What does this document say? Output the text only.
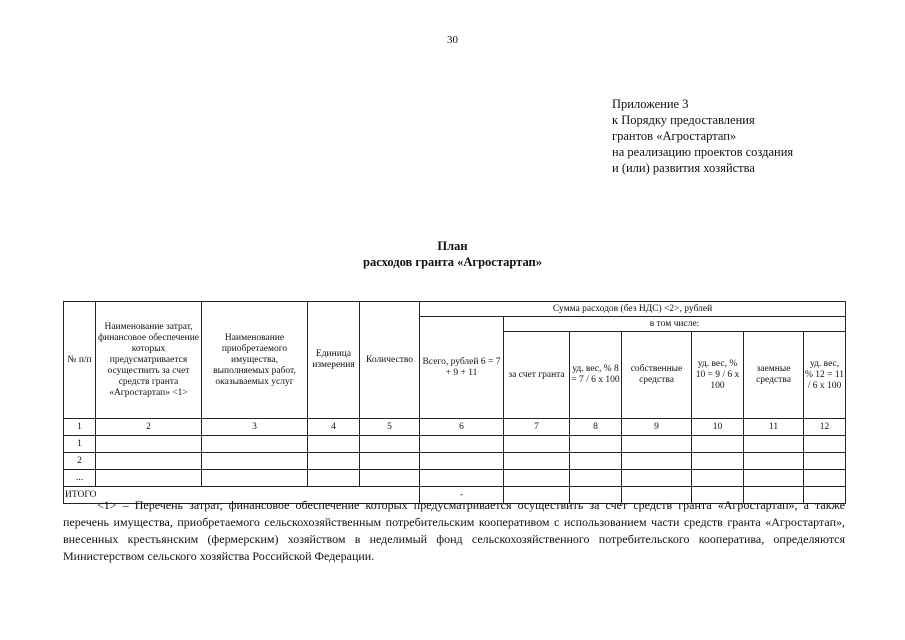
30
Приложение 3
к Порядку предоставления
грантов «Агростартап»
на реализацию проектов создания
и (или) развития хозяйства
План
расходов гранта «Агростартап»
№ п/п	Наименование затрат, финансовое обеспечение которых предусматривается осуществить за счет средств гранта «Агростартап» <1>	Наименование приобретаемого имущества, выполняемых работ, оказываемых услуг	Единица измерения	Количество	Сумма расходов (без НДС) <2>, рублей						
					Всего, рублей 6 = 7 + 9 + 11	в том числе:					
						за счет гранта	уд. вес, % 8 = 7 / 6 x 100	собственные средства	уд. вес, % 10 = 9 / 6 x 100	заемные средства	уд. вес, % 12 = 11 / 6 x 100
1	2	3	4	5	6	7	8	9	10	11	12
1											
2											
...											
ИТОГО					-						
<1> – Перечень затрат, финансовое обеспечение которых предусматривается осуществить за счет средств гранта «Агростартап», а также перечень имущества, приобретаемого сельскохозяйственным потребительским кооперативом с использованием части средств гранта «Агростартап», внесенных крестьянским (фермерским) хозяйством в неделимый фонд сельскохозяйственного потребительского кооператива, определяются Министерством сельского хозяйства Российской Федерации.
